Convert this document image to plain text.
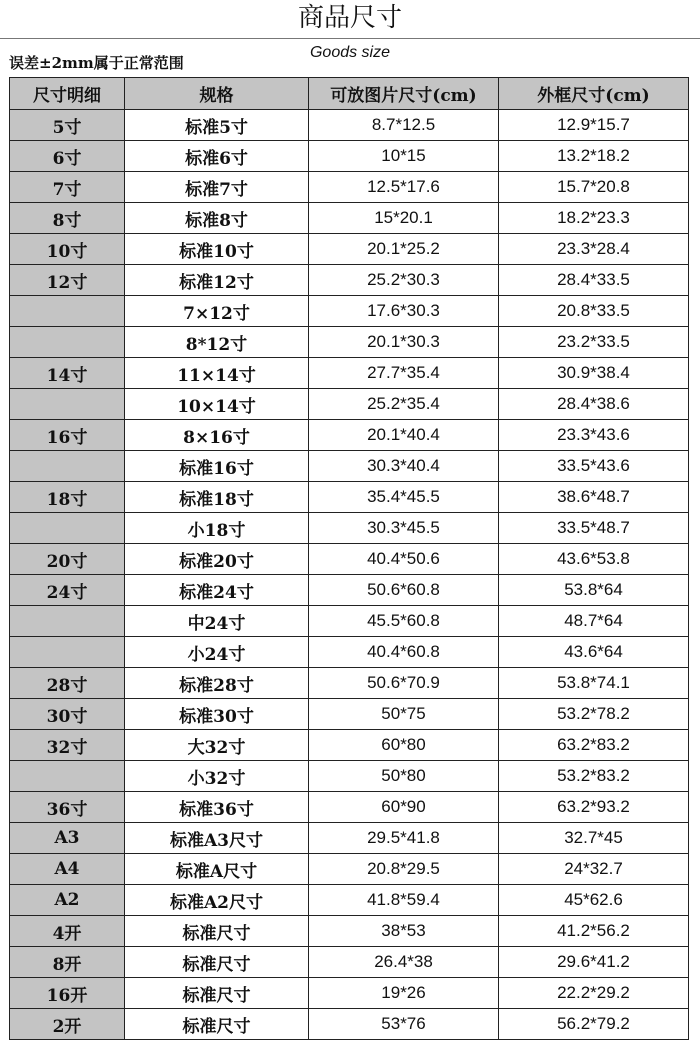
商品尺寸
Goods size
误差±2mm属于正常范围
尺寸明细	规格	可放图片尺寸(cm)	外框尺寸(cm)
5寸	标准5寸	8.7*12.5	12.9*15.7
6寸	标准6寸	10*15	13.2*18.2
7寸	标准7寸	12.5*17.6	15.7*20.8
8寸	标准8寸	15*20.1	18.2*23.3
10寸	标准10寸	20.1*25.2	23.3*28.4
12寸	标准12寸	25.2*30.3	28.4*33.5
	7×12寸	17.6*30.3	20.8*33.5
	8*12寸	20.1*30.3	23.2*33.5
14寸	11×14寸	27.7*35.4	30.9*38.4
	10×14寸	25.2*35.4	28.4*38.6
16寸	8×16寸	20.1*40.4	23.3*43.6
	标准16寸	30.3*40.4	33.5*43.6
18寸	标准18寸	35.4*45.5	38.6*48.7
	小18寸	30.3*45.5	33.5*48.7
20寸	标准20寸	40.4*50.6	43.6*53.8
24寸	标准24寸	50.6*60.8	53.8*64
	中24寸	45.5*60.8	48.7*64
	小24寸	40.4*60.8	43.6*64
28寸	标准28寸	50.6*70.9	53.8*74.1
30寸	标准30寸	50*75	53.2*78.2
32寸	大32寸	60*80	63.2*83.2
	小32寸	50*80	53.2*83.2
36寸	标准36寸	60*90	63.2*93.2
A3	标准A3尺寸	29.5*41.8	32.7*45
A4	标准A尺寸	20.8*29.5	24*32.7
A2	标准A2尺寸	41.8*59.4	45*62.6
4开	标准尺寸	38*53	41.2*56.2
8开	标准尺寸	26.4*38	29.6*41.2
16开	标准尺寸	19*26	22.2*29.2
2开	标准尺寸	53*76	56.2*79.2
